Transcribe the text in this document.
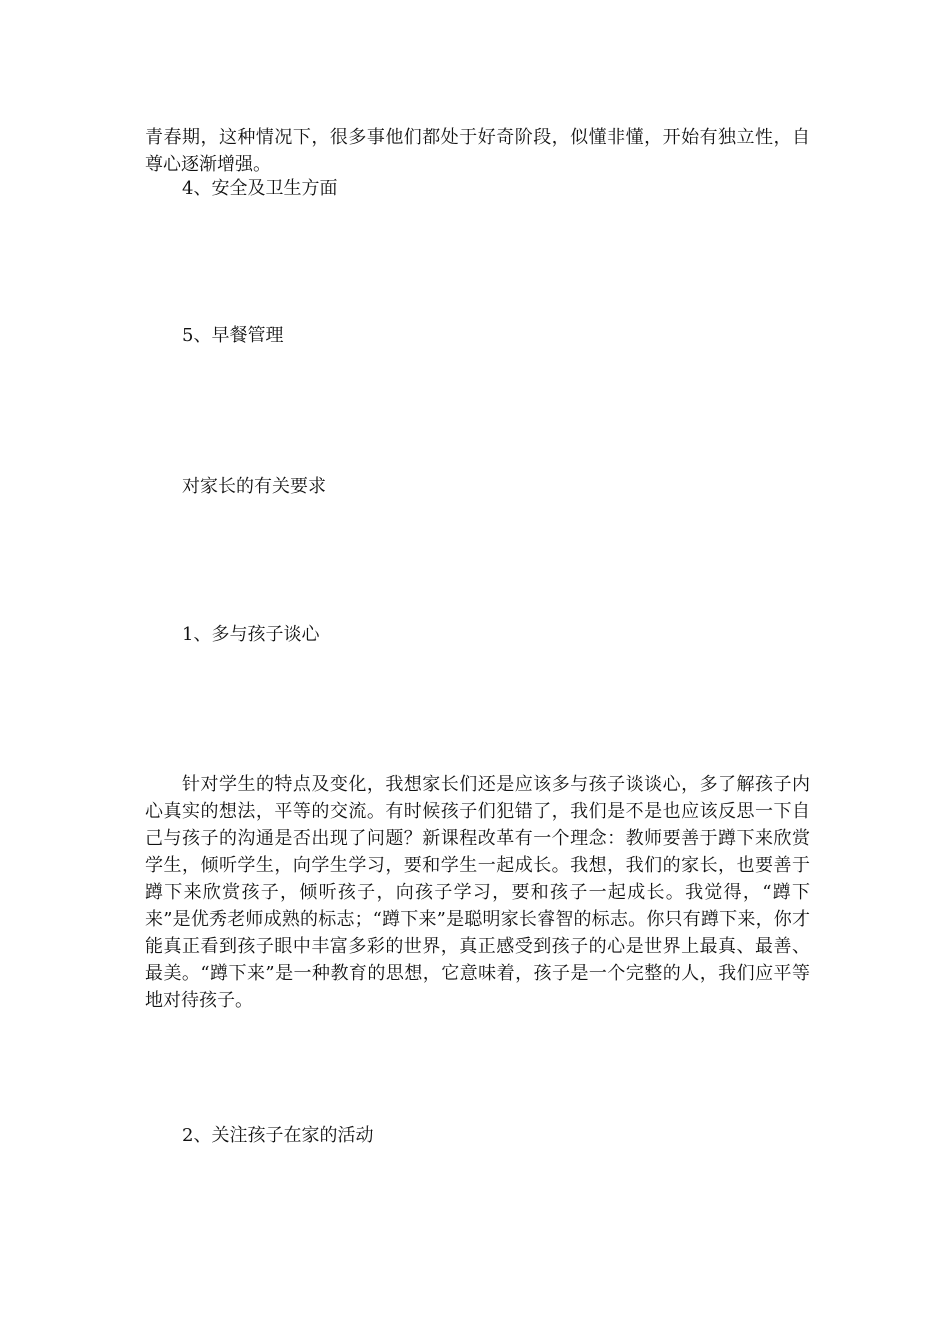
青春期，这种情况下，很多事他们都处于好奇阶段，似懂非懂，开始有独立性，自尊心逐渐增强。

4、安全及卫生方面

5、早餐管理

对家长的有关要求

1、多与孩子谈心

针对学生的特点及变化，我想家长们还是应该多与孩子谈谈心，多了解孩子内心真实的想法，平等的交流。有时候孩子们犯错了，我们是不是也应该反思一下自己与孩子的沟通是否出现了问题？新课程改革有一个理念：教师要善于蹲下来欣赏学生，倾听学生，向学生学习，要和学生一起成长。我想，我们的家长，也要善于蹲下来欣赏孩子，倾听孩子，向孩子学习，要和孩子一起成长。我觉得，“蹲下来”是优秀老师成熟的标志；“蹲下来”是聪明家长睿智的标志。你只有蹲下来，你才能真正看到孩子眼中丰富多彩的世界，真正感受到孩子的心是世界上最真、最善、最美。“蹲下来”是一种教育的思想，它意味着，孩子是一个完整的人，我们应平等地对待孩子。

2、关注孩子在家的活动
